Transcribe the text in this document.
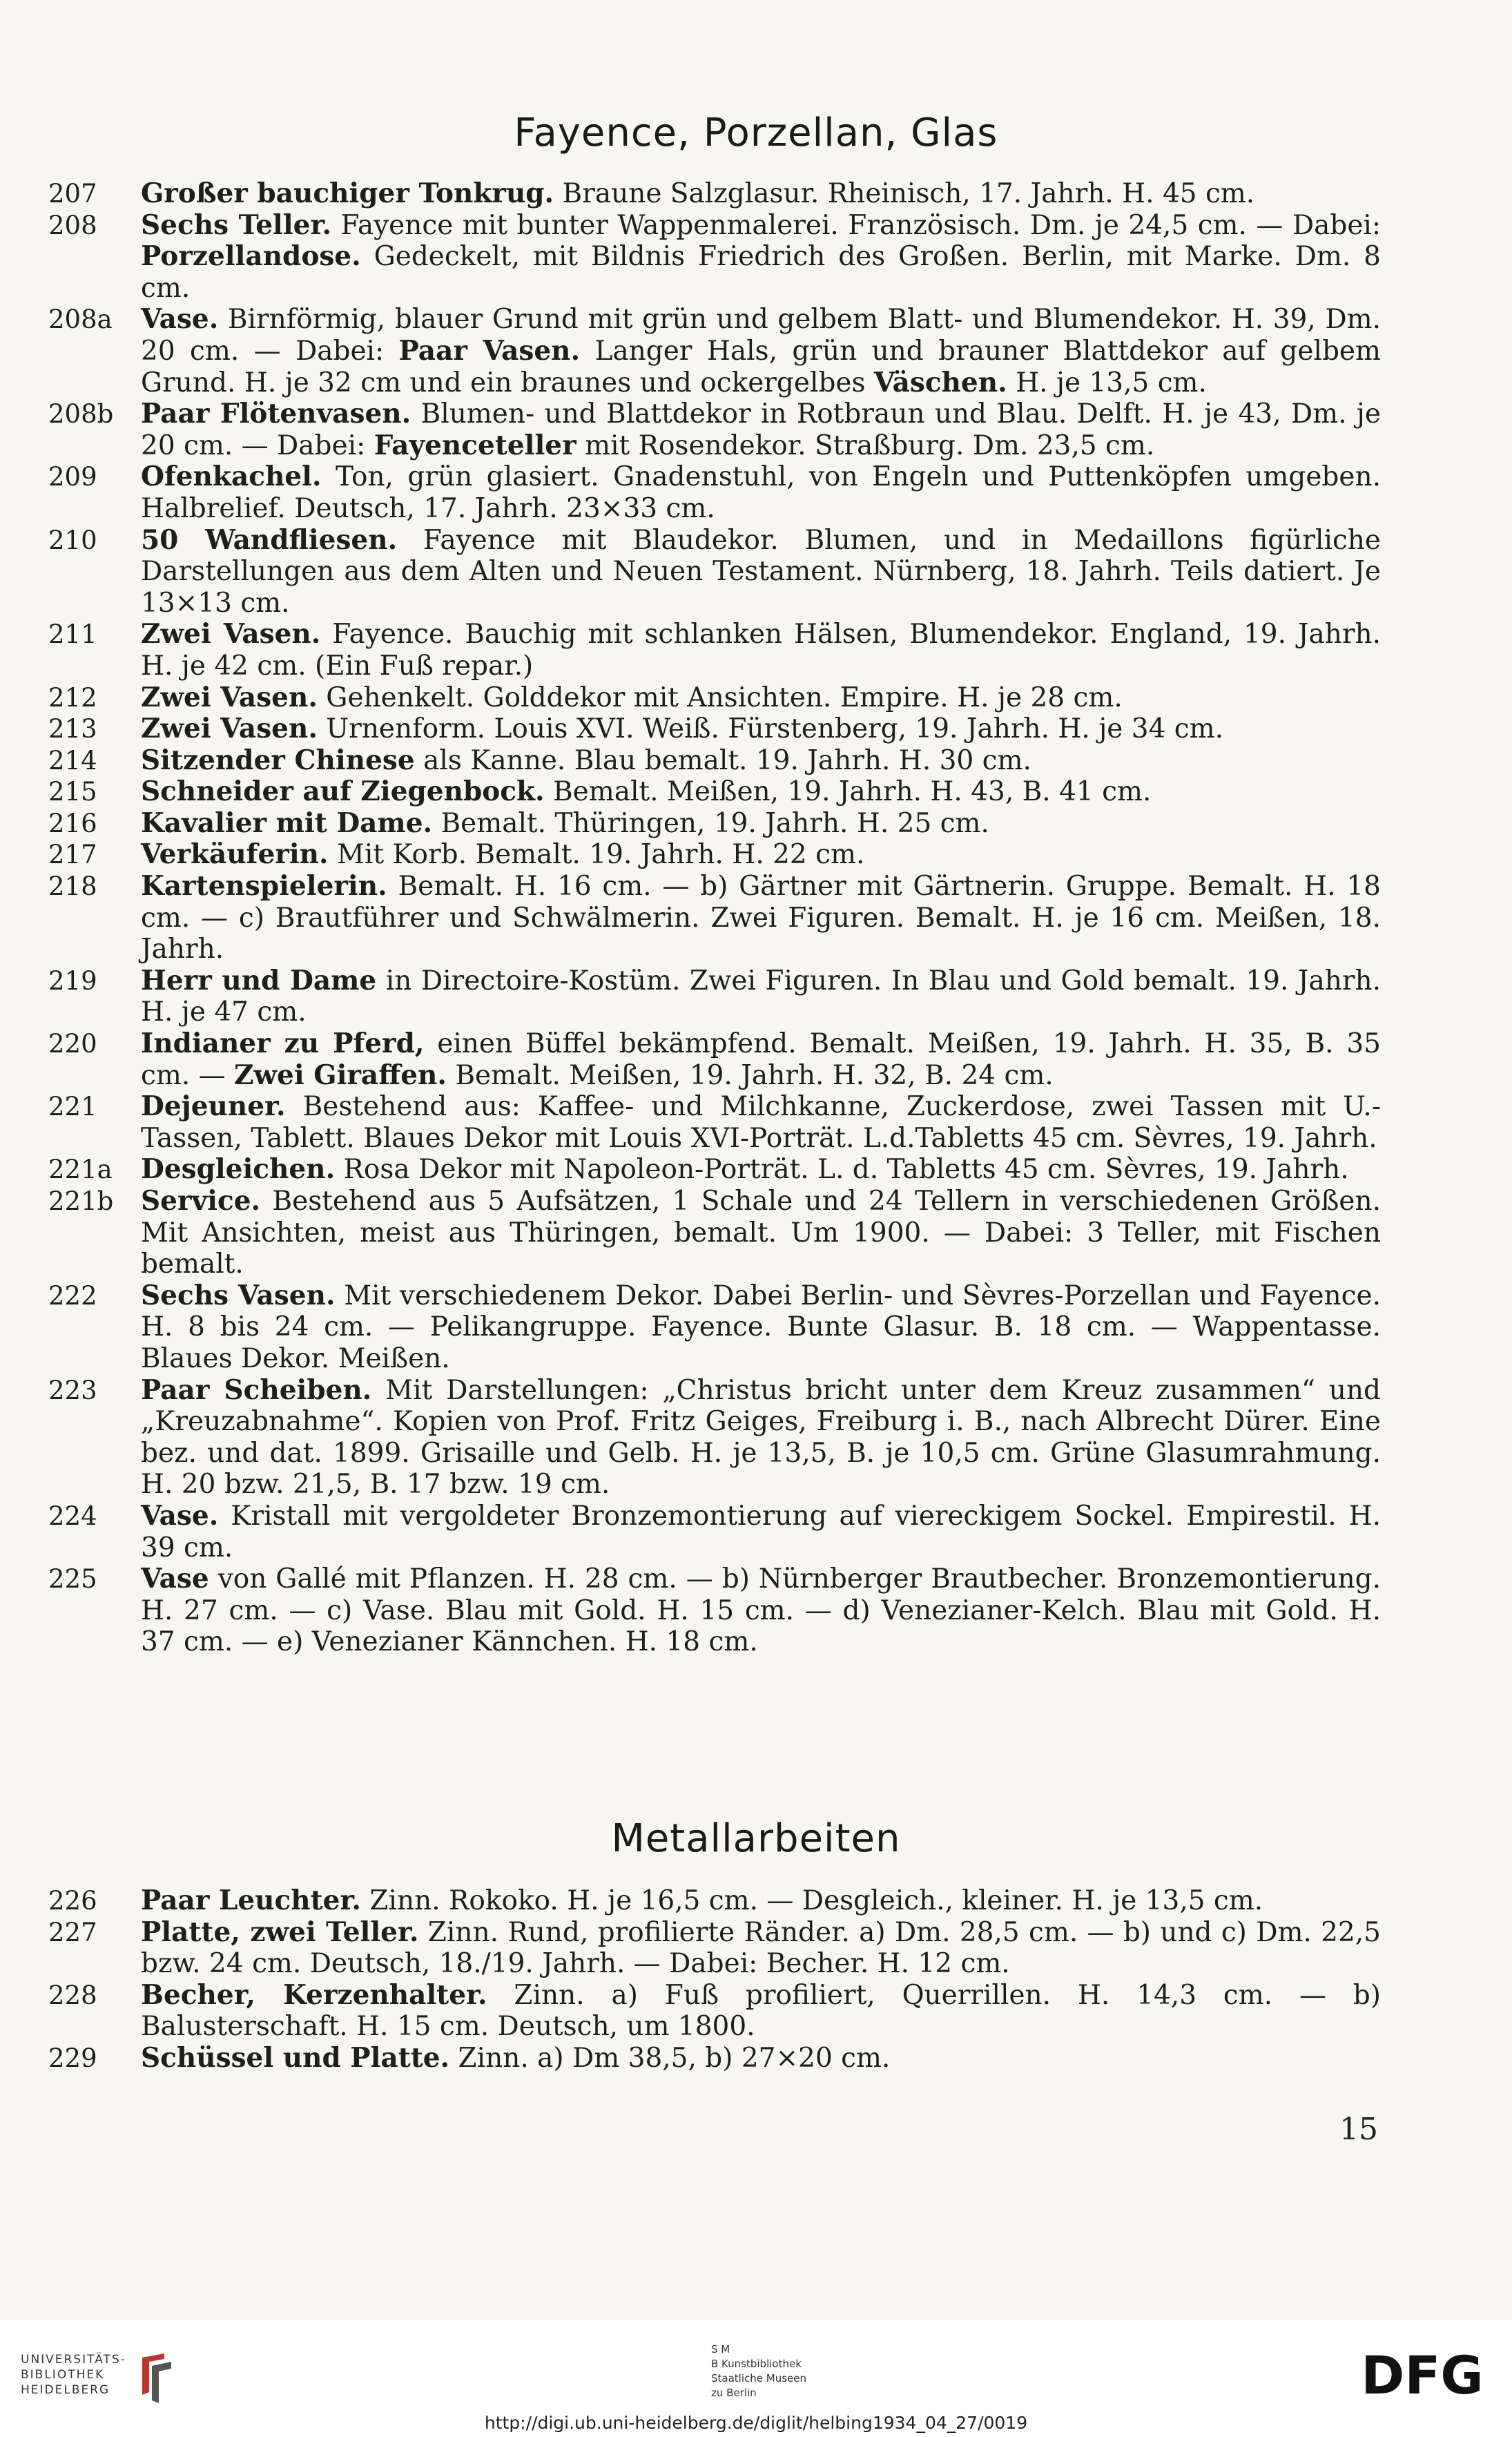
Fayence, Porzellan, Glas
207 Großer bauchiger Tonkrug. Braune Salzglasur. Rheinisch, 17. Jahrh. H. 45 cm.
208 Sechs Teller. Fayence mit bunter Wappenmalerei. Französisch. Dm. je 24,5 cm. — Dabei: Porzellandose. Gedeckelt, mit Bildnis Friedrich des Großen. Berlin, mit Marke. Dm. 8 cm.
208a Vase. Birnförmig, blauer Grund mit grün und gelbem Blatt- und Blumendekor. H. 39, Dm. 20 cm. — Dabei: Paar Vasen. Langer Hals, grün und brauner Blattdekor auf gelbem Grund. H. je 32 cm und ein braunes und ockergelbes Väschen. H. je 13,5 cm.
208b Paar Flötenvasen. Blumen- und Blattdekor in Rotbraun und Blau. Delft. H. je 43, Dm. je 20 cm. — Dabei: Fayenceteller mit Rosendekor. Straßburg. Dm. 23,5 cm.
209 Ofenkachel. Ton, grün glasiert. Gnadenstuhl, von Engeln und Puttenköpfen umgeben. Halbrelief. Deutsch, 17. Jahrh. 23×33 cm.
210 50 Wandfliesen. Fayence mit Blaudekor. Blumen, und in Medaillons figürliche Darstellungen aus dem Alten und Neuen Testament. Nürnberg, 18. Jahrh. Teils datiert. Je 13×13 cm.
211 Zwei Vasen. Fayence. Bauchig mit schlanken Hälsen, Blumendekor. England, 19. Jahrh. H. je 42 cm. (Ein Fuß repar.)
212 Zwei Vasen. Gehenkelt. Golddekor mit Ansichten. Empire. H. je 28 cm.
213 Zwei Vasen. Urnenform. Louis XVI. Weiß. Fürstenberg, 19. Jahrh. H. je 34 cm.
214 Sitzender Chinese als Kanne. Blau bemalt. 19. Jahrh. H. 30 cm.
215 Schneider auf Ziegenbock. Bemalt. Meißen, 19. Jahrh. H. 43, B. 41 cm.
216 Kavalier mit Dame. Bemalt. Thüringen, 19. Jahrh. H. 25 cm.
217 Verkäuferin. Mit Korb. Bemalt. 19. Jahrh. H. 22 cm.
218 Kartenspielerin. Bemalt. H. 16 cm. — b) Gärtner mit Gärtnerin. Gruppe. Bemalt. H. 18 cm. — c) Brautführer und Schwälmerin. Zwei Figuren. Bemalt. H. je 16 cm. Meißen, 18. Jahrh.
219 Herr und Dame in Directoire-Kostüm. Zwei Figuren. In Blau und Gold bemalt. 19. Jahrh. H. je 47 cm.
220 Indianer zu Pferd, einen Büffel bekämpfend. Bemalt. Meißen, 19. Jahrh. H. 35, B. 35 cm. — Zwei Giraffen. Bemalt. Meißen, 19. Jahrh. H. 32, B. 24 cm.
221 Dejeuner. Bestehend aus: Kaffee- und Milchkanne, Zuckerdose, zwei Tassen mit U.-Tassen, Tablett. Blaues Dekor mit Louis XVI-Porträt. L.d.Tabletts 45 cm. Sèvres, 19. Jahrh.
221a Desgleichen. Rosa Dekor mit Napoleon-Porträt. L. d. Tabletts 45 cm. Sèvres, 19. Jahrh.
221b Service. Bestehend aus 5 Aufsätzen, 1 Schale und 24 Tellern in verschiedenen Größen. Mit Ansichten, meist aus Thüringen, bemalt. Um 1900. — Dabei: 3 Teller, mit Fischen bemalt.
222 Sechs Vasen. Mit verschiedenem Dekor. Dabei Berlin- und Sèvres-Porzellan und Fayence. H. 8 bis 24 cm. — Pelikangruppe. Fayence. Bunte Glasur. B. 18 cm. — Wappentasse. Blaues Dekor. Meißen.
223 Paar Scheiben. Mit Darstellungen: „Christus bricht unter dem Kreuz zusammen“ und „Kreuzabnahme“. Kopien von Prof. Fritz Geiges, Freiburg i. B., nach Albrecht Dürer. Eine bez. und dat. 1899. Grisaille und Gelb. H. je 13,5, B. je 10,5 cm. Grüne Glasumrahmung. H. 20 bzw. 21,5, B. 17 bzw. 19 cm.
224 Vase. Kristall mit vergoldeter Bronzemontierung auf viereckigem Sockel. Empirestil. H. 39 cm.
225 Vase von Gallé mit Pflanzen. H. 28 cm. — b) Nürnberger Brautbecher. Bronzemontierung. H. 27 cm. — c) Vase. Blau mit Gold. H. 15 cm. — d) Venezianer-Kelch. Blau mit Gold. H. 37 cm. — e) Venezianer Kännchen. H. 18 cm.
Metallarbeiten
226 Paar Leuchter. Zinn. Rokoko. H. je 16,5 cm. — Desgleich., kleiner. H. je 13,5 cm.
227 Platte, zwei Teller. Zinn. Rund, profilierte Ränder. a) Dm. 28,5 cm. — b) und c) Dm. 22,5 bzw. 24 cm. Deutsch, 18./19. Jahrh. — Dabei: Becher. H. 12 cm.
228 Becher, Kerzenhalter. Zinn. a) Fuß profiliert, Querrillen. H. 14,3 cm. — b) Balusterschaft. H. 15 cm. Deutsch, um 1800.
229 Schüssel und Platte. Zinn. a) Dm 38,5, b) 27×20 cm.
15
UNIVERSITÄTS-
BIBLIOTHEK
HEIDELBERG
S M
B Kunstbibliothek
Staatliche Museen
zu Berlin	DFG
http://digi.ub.uni-heidelberg.de/diglit/helbing1934_04_27/0019
